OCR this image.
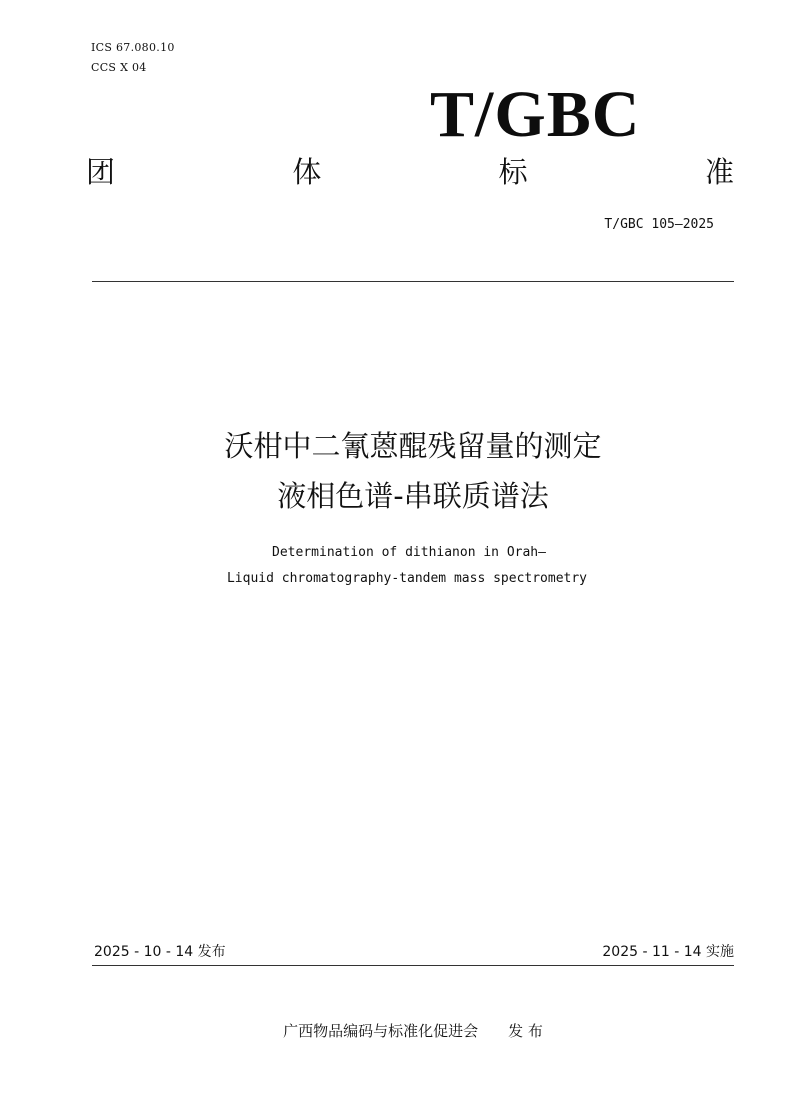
ICS 67.080.10
CCS X 04
T/GBC
团	体	标	准
T/GBC 105—2025
沃柑中二氰蒽醌残留量的测定
液相色谱-串联质谱法
Determination of dithianon in Orah—
Liquid chromatography-tandem mass spectrometry
2025 - 10 - 14 发布	2025 - 11 - 14 实施
广西物品编码与标准化促进会 发 布
